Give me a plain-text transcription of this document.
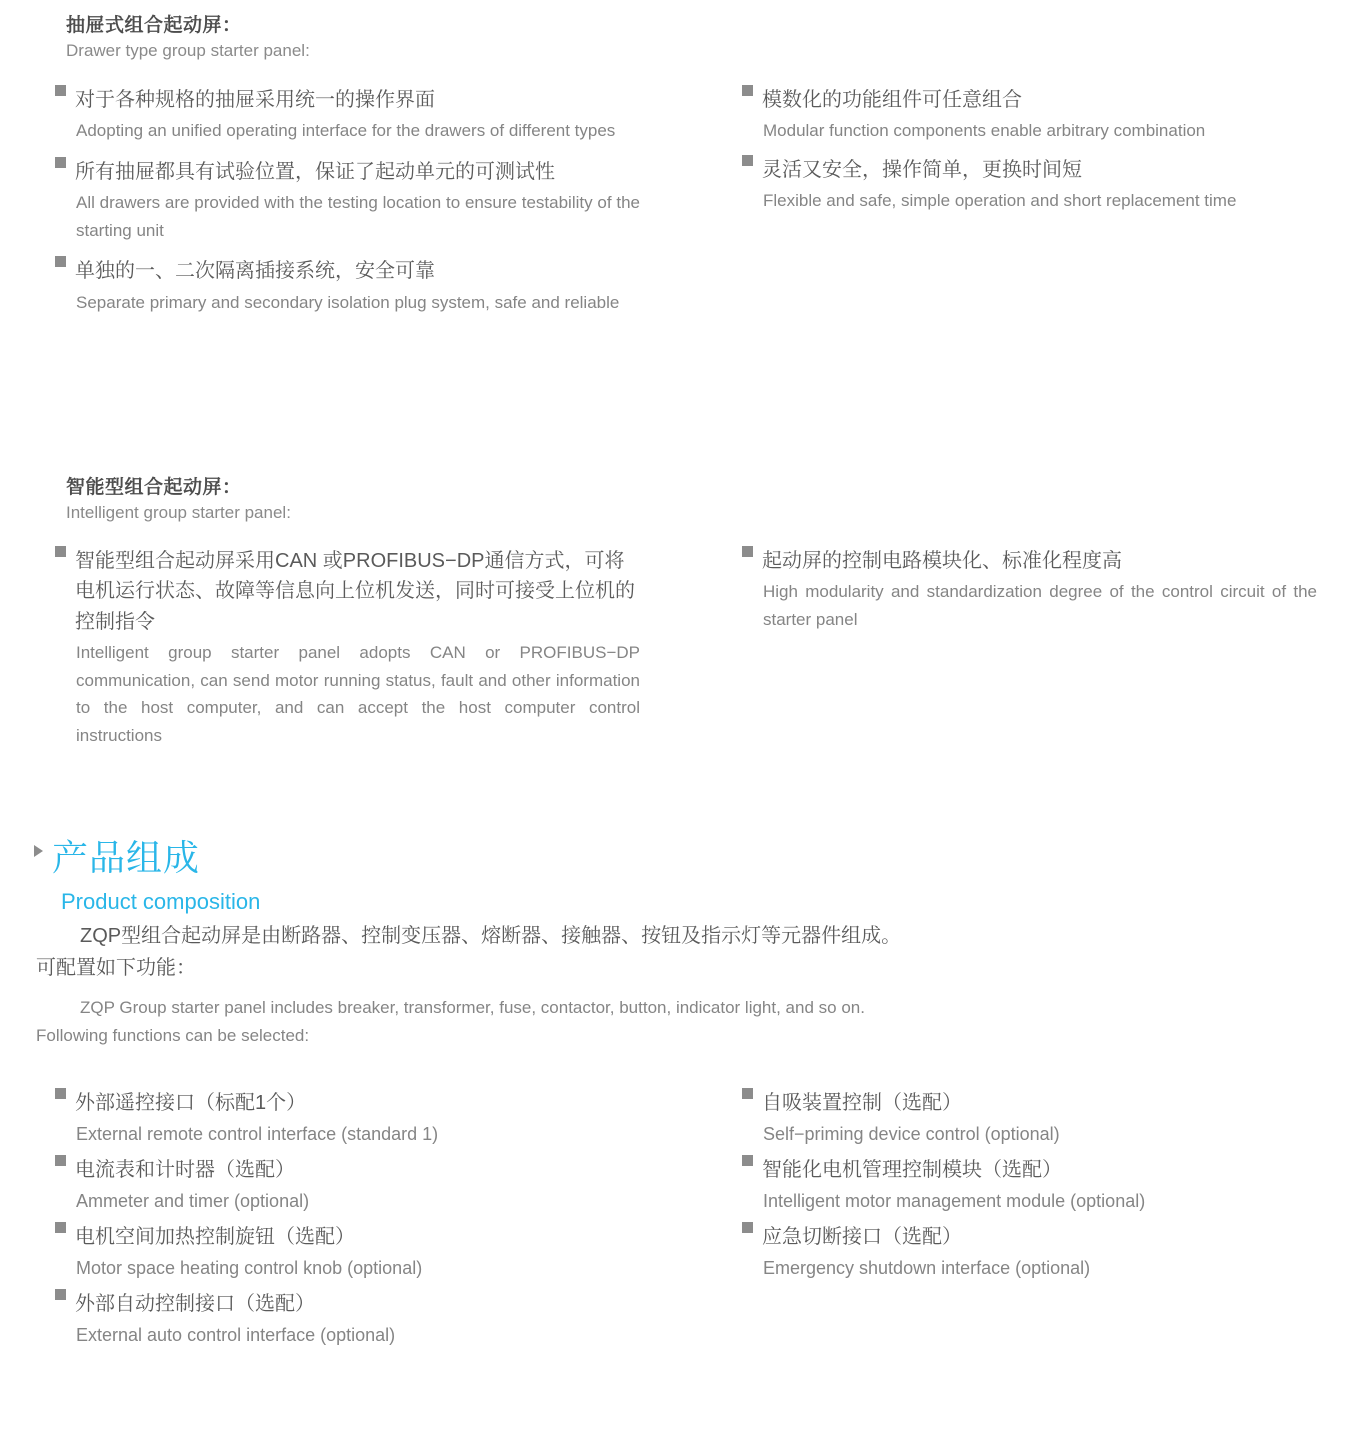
抽屉式组合起动屏：
Drawer type group starter panel:
对于各种规格的抽屉采用统一的操作界面
Adopting an unified operating interface for the drawers of different types
所有抽屉都具有试验位置，保证了起动单元的可测试性
All drawers are provided with the testing location to ensure testability of the starting unit
单独的一、二次隔离插接系统，安全可靠
Separate primary and secondary isolation plug system, safe and reliable
模数化的功能组件可任意组合
Modular function components enable arbitrary combination
灵活又安全，操作简单，更换时间短
Flexible and safe, simple operation and short replacement time
智能型组合起动屏：
Intelligent group starter panel:
智能型组合起动屏采用CAN 或PROFIBUS−DP通信方式，可将电机运行状态、故障等信息向上位机发送，同时可接受上位机的控制指令
Intelligent group starter panel adopts CAN or PROFIBUS−DP communication, can send motor running status, fault and other information to the host computer, and can accept the host computer control instructions
起动屏的控制电路模块化、标准化程度高
High modularity and standardization degree of the control circuit of the starter panel
产品组成
Product composition
ZQP型组合起动屏是由断路器、控制变压器、熔断器、接触器、按钮及指示灯等元器件组成。可配置如下功能：
ZQP Group starter panel includes breaker, transformer, fuse, contactor, button, indicator light, and so on. Following functions can be selected:
外部遥控接口（标配1个）
External remote control interface (standard 1)
电流表和计时器（选配）
Ammeter and timer (optional)
电机空间加热控制旋钮（选配）
Motor space heating control knob (optional)
外部自动控制接口（选配）
External auto control interface (optional)
自吸装置控制（选配）
Self−priming device control (optional)
智能化电机管理控制模块（选配）
Intelligent motor management module (optional)
应急切断接口（选配）
Emergency shutdown interface (optional)
